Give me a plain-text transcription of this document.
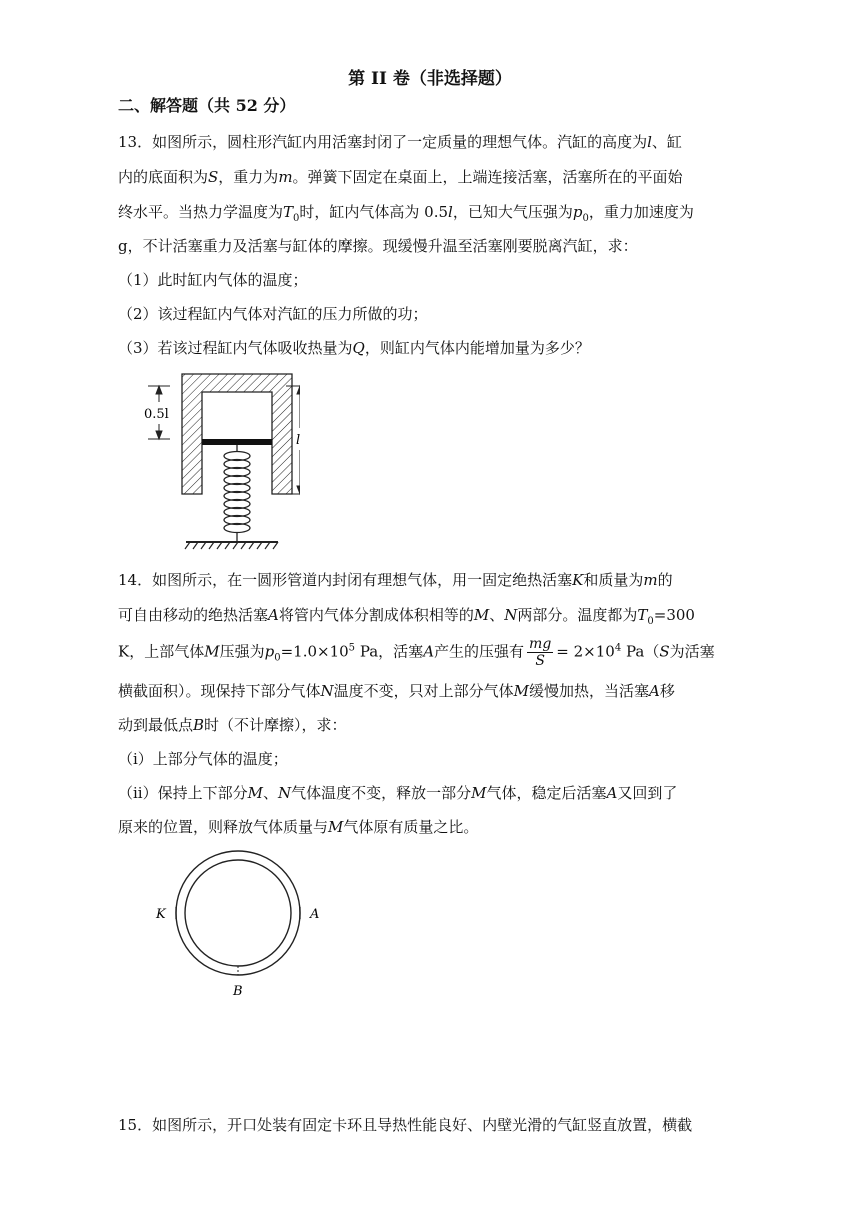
第 II 卷（非选择题）
二、解答题（共 52 分）
13．如图所示，圆柱形汽缸内用活塞封闭了一定质量的理想气体。汽缸的高度为l、缸
内的底面积为S，重力为m。弹簧下固定在桌面上，上端连接活塞，活塞所在的平面始
终水平。当热力学温度为$T_0$时，缸内气体高为 0.5l，已知大气压强为$p_0$，重力加速度为
g，不计活塞重力及活塞与缸体的摩擦。现缓慢升温至活塞刚要脱离汽缸，求：
（1）此时缸内气体的温度；
（2）该过程缸内气体对汽缸的压力所做的功；
（3）若该过程缸内气体吸收热量为Q，则缸内气体内能增加量为多少？
0.5l
l
14．如图所示，在一圆形管道内封闭有理想气体，用一固定绝热活塞K和质量为m的
可自由移动的绝热活塞A将管内气体分割成体积相等的M、N两部分。温度都为$T_0=300$
K，上部气体M压强为$p_0=1.0\times 10^5$ Pa，活塞A产生的压强有 $\frac{mg}{S} = 2\times 10^4$ Pa（S为活塞
横截面积）。现保持下部分气体N温度不变，只对上部分气体M缓慢加热，当活塞A移
动到最低点B时（不计摩擦），求：
（i）上部分气体的温度；
（ii）保持上下部分M、N气体温度不变，释放一部分M气体，稳定后活塞A又回到了
原来的位置，则释放气体质量与M气体原有质量之比。
K	A
B
15．如图所示，开口处装有固定卡环且导热性能良好、内壁光滑的气缸竖直放置，横截
